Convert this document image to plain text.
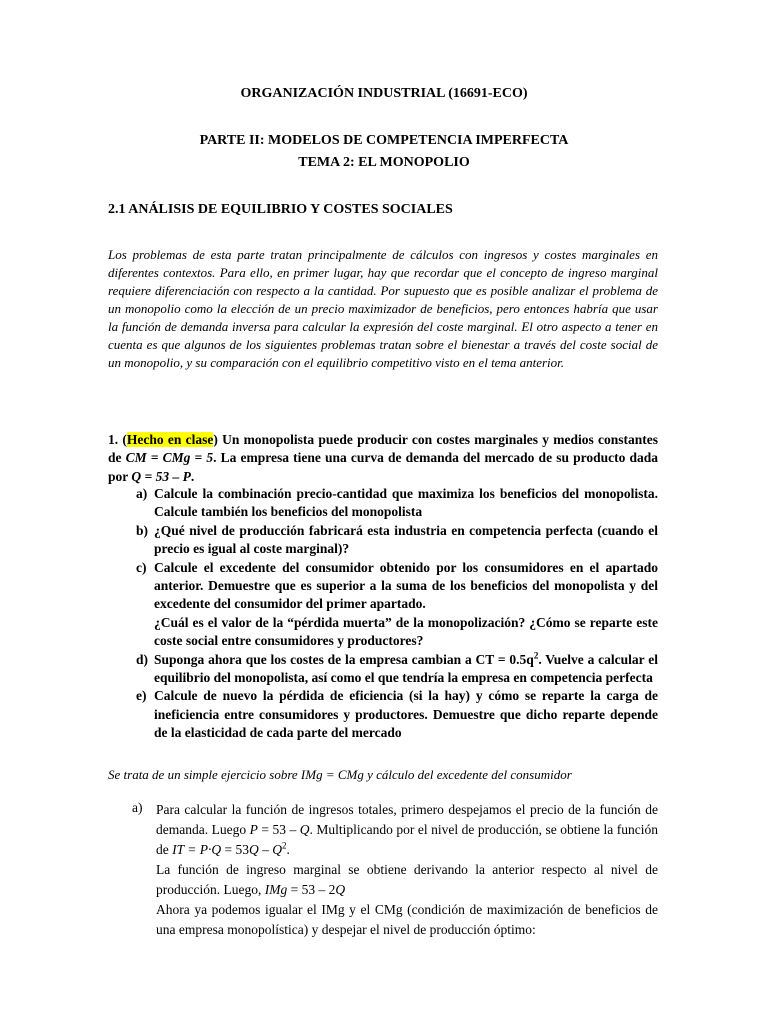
ORGANIZACIÓN INDUSTRIAL (16691-ECO)

PARTE II: MODELOS DE COMPETENCIA IMPERFECTA

TEMA 2: EL MONOPOLIO

2.1 ANÁLISIS DE EQUILIBRIO Y COSTES SOCIALES

Los problemas de esta parte tratan principalmente de cálculos con ingresos y costes marginales en diferentes contextos. Para ello, en primer lugar, hay que recordar que el concepto de ingreso marginal requiere diferenciación con respecto a la cantidad. Por supuesto que es posible analizar el problema de un monopolio como la elección de un precio maximizador de beneficios, pero entonces habría que usar la función de demanda inversa para calcular la expresión del coste marginal. El otro aspecto a tener en cuenta es que algunos de los siguientes problemas tratan sobre el bienestar a través del coste social de un monopolio, y su comparación con el equilibrio competitivo visto en el tema anterior.

1. (Hecho en clase) Un monopolista puede producir con costes marginales y medios constantes de CM = CMg = 5. La empresa tiene una curva de demanda del mercado de su producto dada por Q = 53 – P.

a) Calcule la combinación precio-cantidad que maximiza los beneficios del monopolista. Calcule también los beneficios del monopolista
b) ¿Qué nivel de producción fabricará esta industria en competencia perfecta (cuando el precio es igual al coste marginal)?
c) Calcule el excedente del consumidor obtenido por los consumidores en el apartado anterior. Demuestre que es superior a la suma de los beneficios del monopolista y del excedente del consumidor del primer apartado.
¿Cuál es el valor de la “pérdida muerta” de la monopolización? ¿Cómo se reparte este coste social entre consumidores y productores?
d) Suponga ahora que los costes de la empresa cambian a CT = $0.5q^2$. Vuelve a calcular el equilibrio del monopolista, así como el que tendría la empresa en competencia perfecta
e) Calcule de nuevo la pérdida de eficiencia (si la hay) y cómo se reparte la carga de ineficiencia entre consumidores y productores. Demuestre que dicho reparte depende de la elasticidad de cada parte del mercado

Se trata de un simple ejercicio sobre IMg = CMg y cálculo del excedente del consumidor

a) Para calcular la función de ingresos totales, primero despejamos el precio de la función de demanda. Luego P = 53 – Q. Multiplicando por el nivel de producción, se obtiene la función de IT = $P\cdot Q = 53Q - Q^2$.

La función de ingreso marginal se obtiene derivando la anterior respecto al nivel de producción. Luego, IMg = 53 – 2Q

Ahora ya podemos igualar el IMg y el CMg (condición de maximización de beneficios de una empresa monopolística) y despejar el nivel de producción óptimo:
